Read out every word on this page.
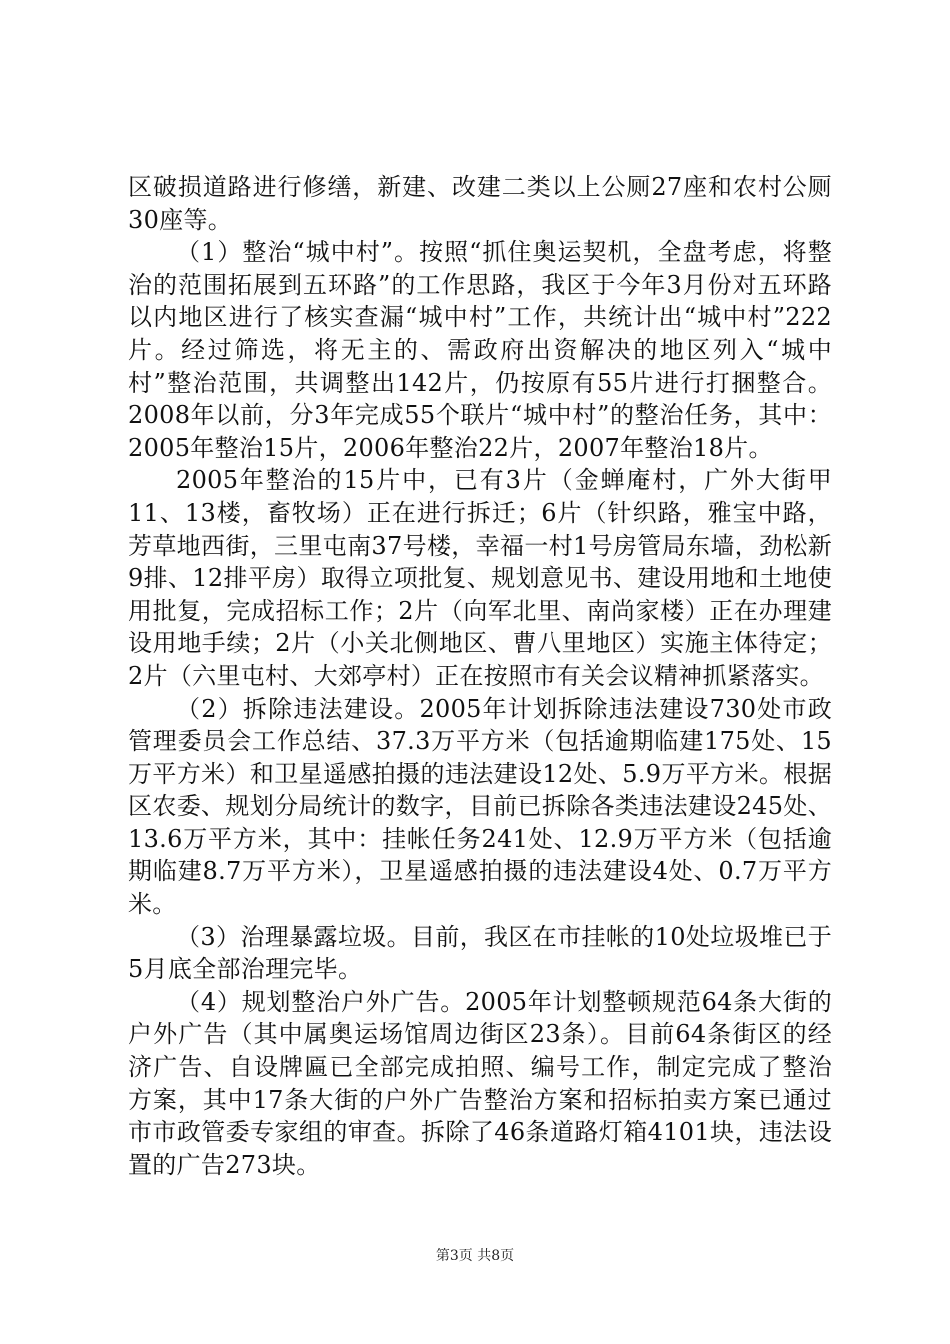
区破损道路进行修缮，新建、改建二类以上公厕27座和农村公厕30座等。

（1）整治“城中村”。按照“抓住奥运契机，全盘考虑，将整治的范围拓展到五环路”的工作思路，我区于今年3月份对五环路以内地区进行了核实查漏“城中村”工作，共统计出“城中村”222片。经过筛选，将无主的、需政府出资解决的地区列入“城中村”整治范围，共调整出142片，仍按原有55片进行打捆整合。2008年以前，分3年完成55个联片“城中村”的整治任务，其中：2005年整治15片，2006年整治22片，2007年整治18片。

2005年整治的15片中，已有3片（金蝉庵村，广外大街甲11、13楼，畜牧场）正在进行拆迁；6片（针织路，雅宝中路，芳草地西街，三里屯南37号楼，幸福一村1号房管局东墙，劲松新9排、12排平房）取得立项批复、规划意见书、建设用地和土地使用批复，完成招标工作；2片（向军北里、南尚家楼）正在办理建设用地手续；2片（小关北侧地区、曹八里地区）实施主体待定；2片（六里屯村、大郊亭村）正在按照市有关会议精神抓紧落实。

（2）拆除违法建设。2005年计划拆除违法建设730处市政管理委员会工作总结、37.3万平方米（包括逾期临建175处、15万平方米）和卫星遥感拍摄的违法建设12处、5.9万平方米。根据区农委、规划分局统计的数字，目前已拆除各类违法建设245处、13.6万平方米，其中：挂帐任务241处、12.9万平方米（包括逾期临建8.7万平方米），卫星遥感拍摄的违法建设4处、0.7万平方米。

（3）治理暴露垃圾。目前，我区在市挂帐的10处垃圾堆已于5月底全部治理完毕。

（4）规划整治户外广告。2005年计划整顿规范64条大街的户外广告（其中属奥运场馆周边街区23条）。目前64条街区的经济广告、自设牌匾已全部完成拍照、编号工作，制定完成了整治方案，其中17条大街的户外广告整治方案和招标拍卖方案已通过市市政管委专家组的审查。拆除了46条道路灯箱4101块，违法设置的广告273块。

第3页 共8页
